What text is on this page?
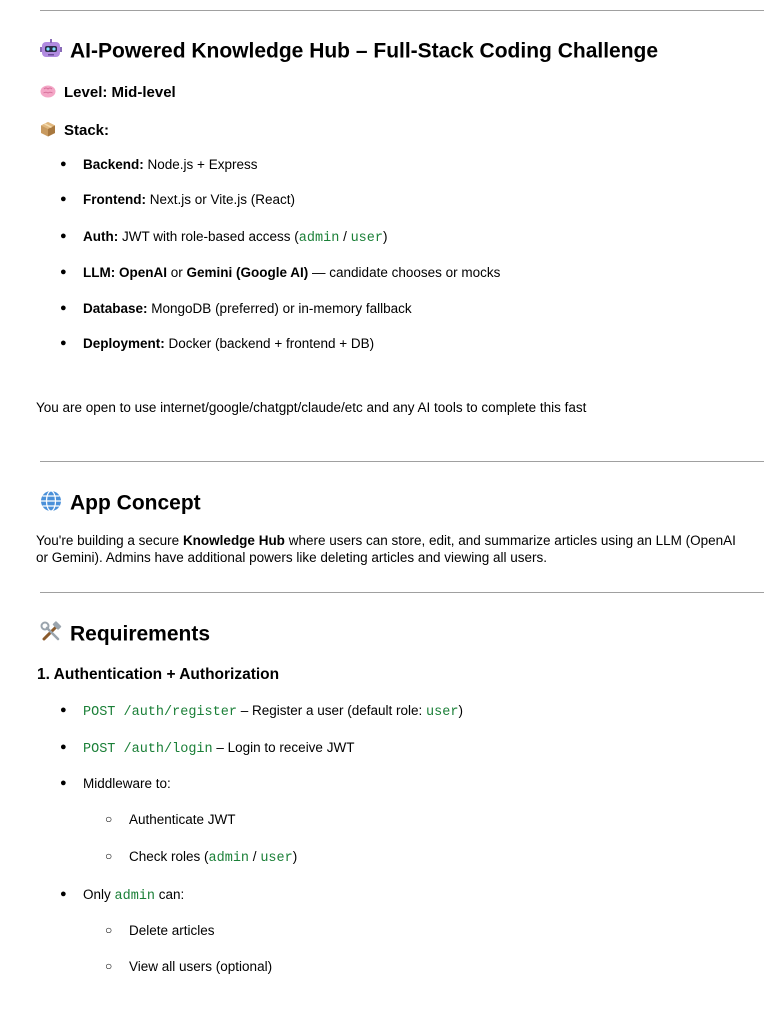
AI-Powered Knowledge Hub – Full-Stack Coding Challenge
Level: Mid-level
Stack:
● Backend: Node.js + Express
● Frontend: Next.js or Vite.js (React)
● Auth: JWT with role-based access (admin / user)
● LLM: OpenAI or Gemini (Google AI) — candidate chooses or mocks
● Database: MongoDB (preferred) or in-memory fallback
● Deployment: Docker (backend + frontend + DB)
You are open to use internet/google/chatgpt/claude/etc and any AI tools to complete this fast
App Concept
You're building a secure Knowledge Hub where users can store, edit, and summarize articles using an LLM (OpenAI or Gemini). Admins have additional powers like deleting articles and viewing all users.
Requirements
1. Authentication + Authorization
● POST /auth/register – Register a user (default role: user)
● POST /auth/login – Login to receive JWT
● Middleware to:
○ Authenticate JWT
○ Check roles (admin / user)
● Only admin can:
○ Delete articles
○ View all users (optional)
